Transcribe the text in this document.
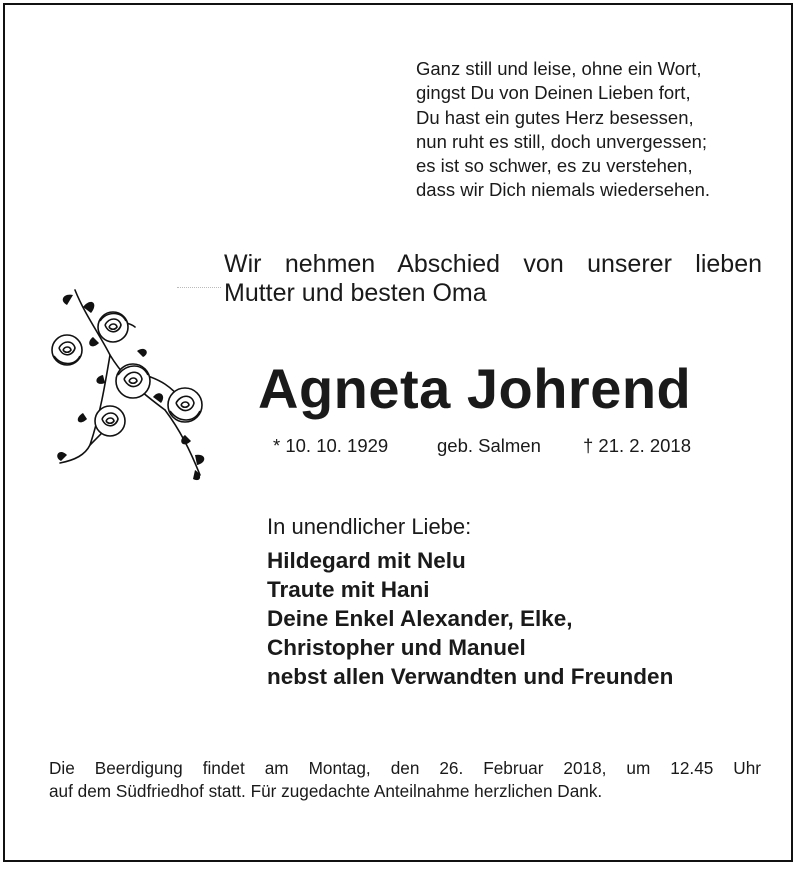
Ganz still und leise, ohne ein Wort,
gingst Du von Deinen Lieben fort,
Du hast ein gutes Herz besessen,
nun ruht es still, doch unvergessen;
es ist so schwer, es zu verstehen,
dass wir Dich niemals wiedersehen.
Wir nehmen Abschied von unserer lieben
Mutter und besten Oma
Agneta Johrend
* 10. 10. 1929	geb. Salmen † 21. 2. 2018
In unendlicher Liebe:
Hildegard mit Nelu
Traute mit Hani
Deine Enkel Alexander, Elke,
Christopher und Manuel
nebst allen Verwandten und Freunden
Die Beerdigung findet am Montag, den 26. Februar 2018, um 12.45 Uhr
auf dem Südfriedhof statt. Für zugedachte Anteilnahme herzlichen Dank.
